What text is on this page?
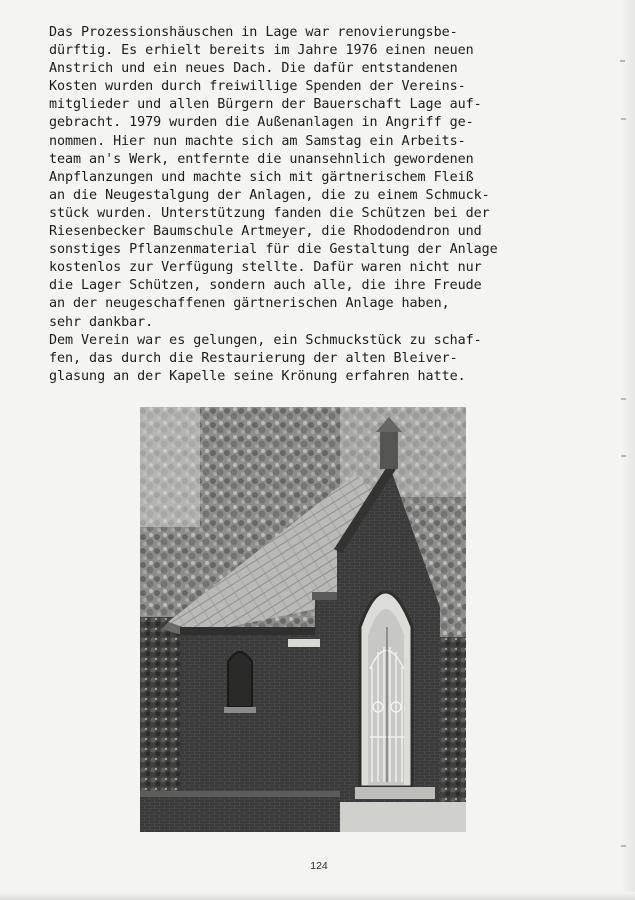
Das Prozessionshäuschen in Lage war renovierungsbe-
dürftig. Es erhielt bereits im Jahre 1976 einen neuen
Anstrich und ein neues Dach. Die dafür entstandenen
Kosten wurden durch freiwillige Spenden der Vereins-
mitglieder und allen Bürgern der Bauerschaft Lage auf-
gebracht. 1979 wurden die Außenanlagen in Angriff ge-
nommen. Hier nun machte sich am Samstag ein Arbeits-
team an's Werk, entfernte die unansehnlich gewordenen
Anpflanzungen und machte sich mit gärtnerischem Fleiß
an die Neugestalgung der Anlagen, die zu einem Schmuck-
stück wurden. Unterstützung fanden die Schützen bei der
Riesenbecker Baumschule Artmeyer, die Rhododendron und
sonstiges Pflanzenmaterial für die Gestaltung der Anlage
kostenlos zur Verfügung stellte. Dafür waren nicht nur
die Lager Schützen, sondern auch alle, die ihre Freude
an der neugeschaffenen gärtnerischen Anlage haben,
sehr dankbar.
Dem Verein war es gelungen, ein Schmuckstück zu schaf-
fen, das durch die Restaurierung der alten Bleiver-
glasung an der Kapelle seine Krönung erfahren hatte.
124
